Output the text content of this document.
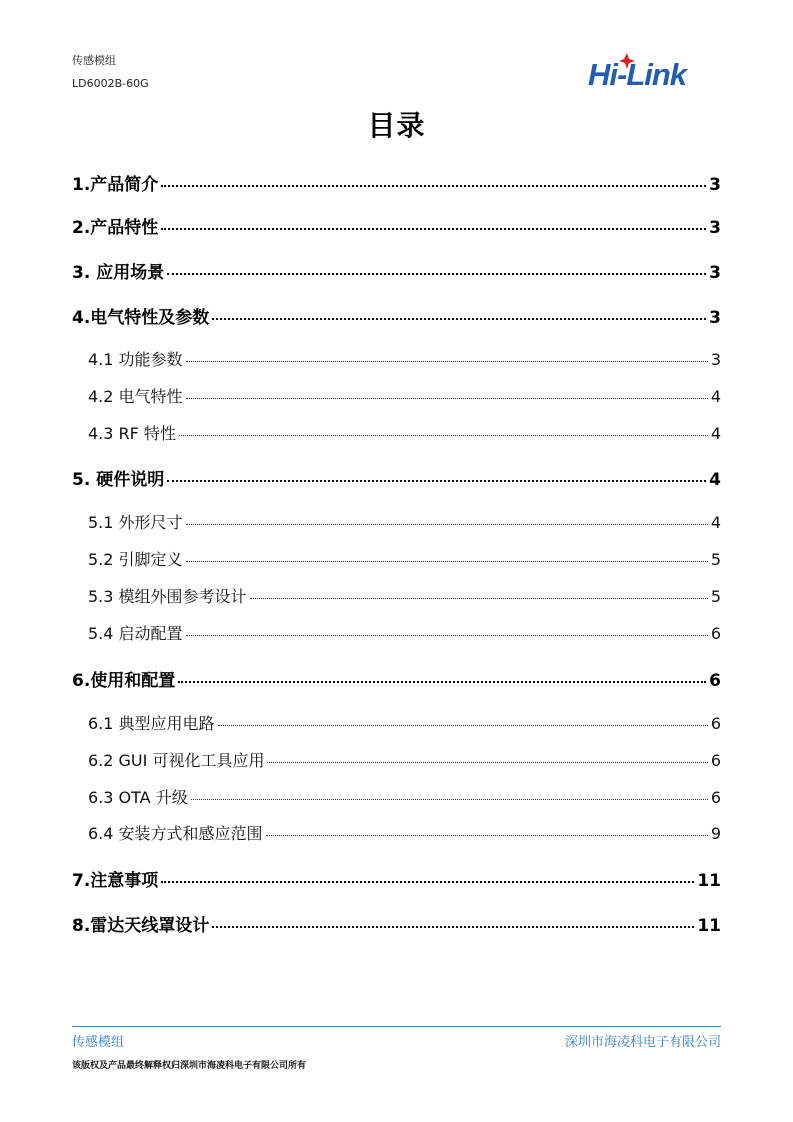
传感模组
LD6002B-60G	Hi-Link
目录
1.产品简介	3
2.产品特性	3
3. 应用场景	3
4.电气特性及参数	3
4.1 功能参数	3
4.2 电气特性	4
4.3 RF 特性	4
5. 硬件说明	4
5.1 外形尺寸	4
5.2 引脚定义	5
5.3 模组外围参考设计	5
5.4 启动配置	6
6.使用和配置	6
6.1 典型应用电路	6
6.2 GUI 可视化工具应用	6
6.3 OTA 升级	6
6.4 安装方式和感应范围	9
7.注意事项	11
8.雷达天线罩设计	11
传感模组	深圳市海凌科电子有限公司
该版权及产品最终解释权归深圳市海凌科电子有限公司所有
